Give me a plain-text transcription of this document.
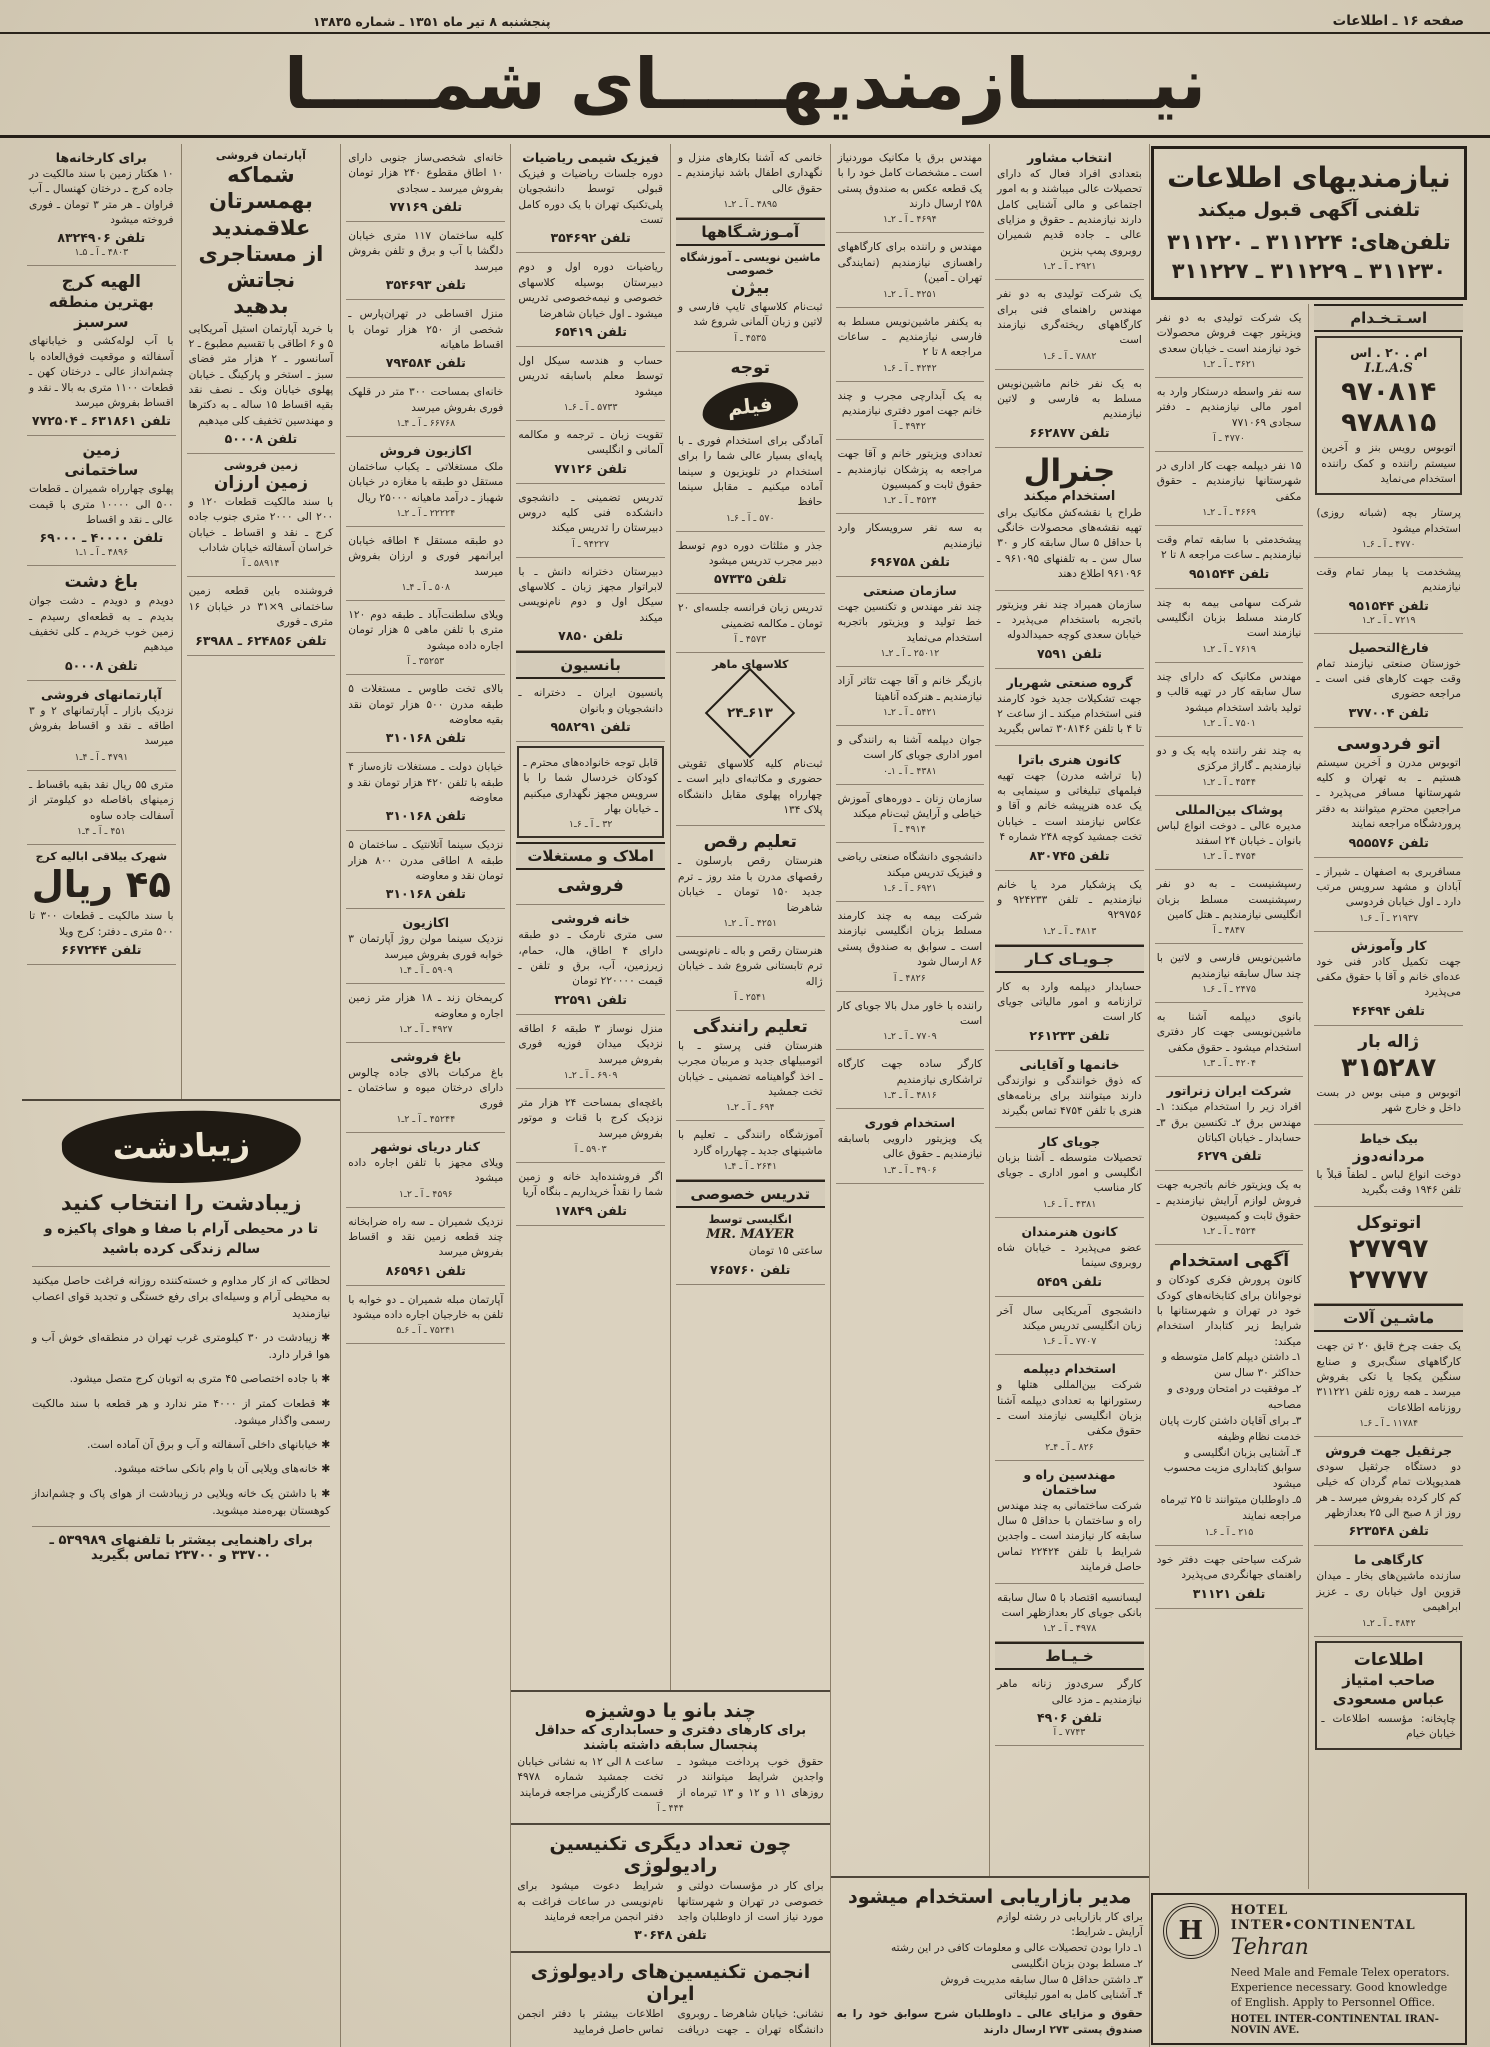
صفحه ۱۶ ـ اطلاعات
پنجشنبه ۸ تیر ماه ۱۳۵۱ ـ شماره ۱۳۸۳۵
نیـــــازمندیهـــــای شمـــــا
نیازمندیهای اطلاعات
تلفنی آگهی قبول میکند
تلفن‌های: ۳۱۱۲۲۴ ـ ۳۱۱۲۲۰
۳۱۱۲۳۰ ـ ۳۱۱۲۲۹ ـ ۳۱۱۲۲۷
اسـتـخـدام
ام . ۲۰ . اس
I.L.A.S
۹۷۰۸۱۴
۹۷۸۸۱۵
اتوبوس رویس بنز و آخرین سیستم راننده و کمک راننده استخدام می‌نماید
پرستار بچه (شبانه روزی) استخدام میشود
۴۷۷۰ ـ آ ـ ۶ـ۱
پیشخدمت یا بیمار تمام وقت نیازمندیم
تلفن ۹۵۱۵۴۴
۷۲۱۹ ـ آ ـ ۲ـ۱
فارغ‌التحصیل
خوزستان صنعتی نیازمند تمام وقت جهت کارهای فنی است ـ مراجعه حضوری
تلفن ۳۷۷۰۰۴
اتو فردوسی
اتوبوس مدرن و آخرین سیستم هستیم ـ به تهران و کلیه شهرستانها مسافر می‌پذیرد ـ مراجعین محترم میتوانند به دفتر پروردشگاه مراجعه نمایند
تلفن ۹۵۵۵۷۶
مسافربری به اصفهان ـ شیراز ـ آبادان و مشهد سرویس مرتب دارد ـ اول خیابان فردوسی
۲۱۹۳۷ ـ آ ـ ۶ـ۱
کار وآموزش
جهت تکمیل کادر فنی خود عده‌ای خانم و آقا با حقوق مکفی می‌پذیرد
تلفن ۴۶۴۹۴
ژاله بار
۳۱۵۲۸۷
اتوبوس و مینی بوس در بست داخل و خارج شهر
بیک خیاط
مردانه‌دوز
دوخت انواع لباس ـ لطفاً قبلاً با تلفن ۱۹۴۶ وقت بگیرید
اتوتوکل
۲۷۷۹۷
۲۷۷۷۷
ماشـین آلات
یک جفت چرخ قایق ۲۰ تن جهت کارگاههای سنگ‌بری و صنایع سنگین یکجا یا تکی بفروش میرسد ـ همه روزه تلفن ۳۱۱۲۲۱ روزنامه اطلاعات
۱۱۷۸۴ ـ آ ـ ۶ـ۱
جرثقیل جهت فروش
دو دستگاه جرثقیل سودی همدیوپلات تمام گردان که خیلی کم کار کرده بفروش میرسد ـ هر روز از ۸ صبح الی ۲۵ بعدازظهر
تلفن ۶۲۳۵۴۸
کارگاهی ما
سازنده ماشین‌های بخار ـ میدان قزوین اول خیابان ری ـ عزیز ابراهیمی
۴۸۴۲ ـ آ ـ ۲ـ۱
اطلاعات
صاحب امتیاز
عباس مسعودی
چاپخانه: مؤسسه اطلاعات ـ خیابان خیام
یک شرکت تولیدی به دو نفر ویزیتور جهت فروش محصولات خود نیازمند است ـ خیابان سعدی
۳۶۲۱ ـ آ ـ ۲ـ۱
سه نفر واسطه درستکار وارد به امور مالی نیازمندیم ـ دفتر سجادی ۷۷۱۰۶۹
۴۷۷۰ ـ آ
۱۵ نفر دیپلمه جهت کار اداری در شهرستانها نیازمندیم ـ حقوق مکفی
۴۶۶۹ ـ آ ـ ۲ـ۱
پیشخدمتی با سابقه تمام وقت نیازمندیم ـ ساعت مراجعه ۸ تا ۲
تلفن ۹۵۱۵۴۴
شرکت سهامی بیمه به چند کارمند مسلط بزبان انگلیسی نیازمند است
۷۶۱۹ ـ آ ـ ۲ـ۱
مهندس مکانیک که دارای چند سال سابقه کار در تهیه قالب و تولید باشد استخدام میشود
۷۵۰۱ ـ آ ـ ۲ـ۱
به چند نفر راننده پایه یک و دو نیازمندیم ـ گاراژ مرکزی
۴۵۴۴ ـ آ ـ ۲ـ۱
پوشاک بین‌المللی
مدیره عالی ـ دوخت انواع لباس بانوان ـ خیابان ۲۴ اسفند
۴۷۵۴ ـ آ ـ ۲ـ۱
رسپشنیست ـ به دو نفر رسپشنیست مسلط بزبان انگلیسی نیازمندیم ـ هتل کامین
۴۸۴۷ ـ آ
ماشین‌نویس فارسی و لاتین با چند سال سابقه نیازمندیم
۲۴۷۵ ـ آ ـ ۶ـ۱
بانوی دیپلمه آشنا به ماشین‌نویسی جهت کار دفتری استخدام میشود ـ حقوق مکفی
۴۲۰۴ ـ آ ـ ۳ـ۱
شرکت ایران زنراتور
افراد زیر را استخدام میکند: ۱ـ مهندس برق ۲ـ تکنسین برق ۳ـ حسابدار ـ خیابان اکباتان
تلفن ۶۲۷۹
به یک ویزیتور خانم باتجربه جهت فروش لوازم آرایش نیازمندیم ـ حقوق ثابت و کمیسیون
۴۵۲۴ ـ آ ـ ۲ـ۱
آگهی استخدام
کانون پرورش فکری کودکان و نوجوانان برای کتابخانه‌های کودک خود در تهران و شهرستانها با شرایط زیر کتابدار استخدام میکند:
۱ـ داشتن دیپلم کامل متوسطه و حداکثر ۳۰ سال سن
۲ـ موفقیت در امتحان ورودی و مصاحبه
۳ـ برای آقایان داشتن کارت پایان خدمت نظام وظیفه
۴ـ آشنایی بزبان انگلیسی و سوابق کتابداری مزیت محسوب میشود
۵ـ داوطلبان میتوانند تا ۲۵ تیرماه مراجعه نمایند
۲۱۵ ـ آ ـ ۶ـ۱
شرکت سیاحتی جهت دفتر خود راهنمای جهانگردی می‌پذیرد
تلفن ۳۱۱۲۱
H
HOTEL INTER•CONTINENTAL
Tehran
Need Male and Female Telex operators. Experience necessary. Good knowledge of English. Apply to Personnel Office.
HOTEL INTER-CONTINENTAL IRAN-NOVIN AVE.
انتخاب مشاور
بتعدادی افراد فعال که دارای تحصیلات عالی میباشند و به امور اجتماعی و مالی آشنایی کامل دارند نیازمندیم ـ حقوق و مزایای عالی ـ جاده قدیم شمیران روبروی پمپ بنزین
۲۹۲۱ ـ آ ـ ۲ـ۱
یک شرکت تولیدی به دو نفر مهندس راهنمای فنی برای کارگاههای ریخته‌گری نیازمند است
۷۸۸۲ ـ آ ـ ۶ـ۱
به یک نفر خانم ماشین‌نویس مسلط به فارسی و لاتین نیازمندیم
تلفن ۶۶۲۸۷۷
جنرال
استخدام میکند
طراح یا نقشه‌کش مکانیک برای تهیه نقشه‌های محصولات خانگی با حداقل ۵ سال سابقه کار و ۳۰ سال سن ـ به تلفنهای ۹۶۱۰۹۵ ـ ۹۶۱۰۹۶ اطلاع دهند
سازمان همیراد چند نفر ویزیتور باتجربه باستخدام می‌پذیرد ـ خیابان سعدی کوچه حمیدالدوله
تلفن ۷۵۹۱
گروه صنعتی شهریار
جهت تشکیلات جدید خود کارمند فنی استخدام میکند ـ از ساعت ۲ تا ۴ با تلفن ۳۰۸۱۴۶ تماس بگیرید
کانون هنری باترا
(با تراشه مدرن) جهت تهیه فیلمهای تبلیغاتی و سینمایی به یک عده هنرپیشه خانم و آقا و عکاس نیازمند است ـ خیابان تخت جمشید کوچه ۲۴۸ شماره ۴
تلفن ۸۳۰۷۴۵
یک پزشکیار مرد یا خانم نیازمندیم ـ تلفن ۹۲۴۲۳۳ و ۹۲۹۷۵۶
۴۸۱۳ ـ آ ـ ۲ـ۱
جـویـای کـار
حسابدار دیپلمه وارد به کار ترازنامه و امور مالیاتی جویای کار است
تلفن ۲۶۱۲۳۳
خانمها و آقایانی
که ذوق خوانندگی و نوازندگی دارند میتوانند برای برنامه‌های هنری با تلفن ۴۷۵۴ تماس بگیرند
جویای کار
تحصیلات متوسطه ـ آشنا بزبان انگلیسی و امور اداری ـ جویای کار مناسب
۴۳۸۱ ـ آ ـ ۶ـ۱
کانون هنرمندان
عضو می‌پذیرد ـ خیابان شاه روبروی سینما
تلفن ۵۴۵۹
دانشجوی آمریکایی سال آخر زبان انگلیسی تدریس میکند
۷۷۰۷ ـ آ ـ ۶ـ۱
استخدام دیپلمه
شرکت بین‌المللی هتلها و رستورانها به تعدادی دیپلمه آشنا بزبان انگلیسی نیازمند است ـ حقوق مکفی
۸۲۶ ـ آ ـ ۴ـ۲
مهندسین راه و ساختمان
شرکت ساختمانی به چند مهندس راه و ساختمان با حداقل ۵ سال سابقه کار نیازمند است ـ واجدین شرایط با تلفن ۲۲۴۲۴ تماس حاصل فرمایند
لیسانسیه اقتصاد با ۵ سال سابقه بانکی جویای کار بعدازظهر است
۴۹۷۸ ـ آ ـ ۲ـ۱
خـیـاط
کارگر سری‌دوز زنانه ماهر نیازمندیم ـ مزد عالی
تلفن ۴۹۰۶
۷۷۴۳ ـ آ
مهندس برق یا مکانیک موردنیاز است ـ مشخصات کامل خود را با یک قطعه عکس به صندوق پستی ۲۵۸ ارسال دارند
۴۶۹۴ ـ آ ـ ۲ـ۱
مهندس و راننده برای کارگاههای راهسازی نیازمندیم (نمایندگی تهران ـ آمین)
۴۲۵۱ ـ آ ـ ۲ـ۱
به یکنفر ماشین‌نویس مسلط به فارسی نیازمندیم ـ ساعات مراجعه ۸ تا ۲
۴۲۴۲ ـ آ ـ ۶ـ۱
به یک آبدارچی مجرب و چند خانم جهت امور دفتری نیازمندیم
۴۹۴۲ ـ آ
تعدادی ویزیتور خانم و آقا جهت مراجعه به پزشکان نیازمندیم ـ حقوق ثابت و کمیسیون
۴۵۲۴ ـ آ ـ ۲ـ۱
به سه نفر سرویسکار وارد نیازمندیم
تلفن ۶۹۶۷۵۸
سازمان صنعتی
چند نفر مهندس و تکنسین جهت خط تولید و ویزیتور باتجربه استخدام می‌نماید
۲۵۰۱۲ ـ آ ـ ۲ـ۱
بازیگر خانم و آقا جهت تئاتر آزاد نیازمندیم ـ هنرکده آناهیتا
۵۴۲۱ ـ آ ـ ۲ـ۱
جوان دیپلمه آشنا به رانندگی و امور اداری جویای کار است
۴۳۸۱ ـ آ ـ ۱ـ۰
سازمان زنان ـ دوره‌های آموزش خیاطی و آرایش ثبت‌نام میکند
۴۹۱۴ ـ آ
دانشجوی دانشگاه صنعتی ریاضی و فیزیک تدریس میکند
۶۹۲۱ ـ آ ـ ۶ـ۱
شرکت بیمه به چند کارمند مسلط بزبان انگلیسی نیازمند است ـ سوابق به صندوق پستی ۸۶ ارسال شود
۴۸۲۶ ـ آ
راننده با خاور مدل بالا جویای کار است
۷۷۰۹ ـ آ ـ ۲ـ۱
کارگر ساده جهت کارگاه تراشکاری نیازمندیم
۴۸۱۶ ـ آ ـ ۳ـ۱
استخدام فوری
یک ویزیتور دارویی باسابقه نیازمندیم ـ حقوق عالی
۴۹۰۶ ـ آ ـ ۳ـ۱
مدیر بازاریابی استخدام میشود
برای کار بازاریابی در رشته لوازم آرایش ـ شرایط:
۱ـ دارا بودن تحصیلات عالی و معلومات کافی در این رشته
۲ـ مسلط بودن بزبان انگلیسی
۳ـ داشتن حداقل ۵ سال سابقه مدیریت فروش
۴ـ آشنایی کامل به امور تبلیغاتی
حقوق و مزایای عالی ـ داوطلبان شرح سوابق خود را به صندوق پستی ۲۷۳ ارسال دارند
خانمی که آشنا بکارهای منزل و نگهداری اطفال باشد نیازمندیم ـ حقوق عالی
۴۸۹۵ ـ آ ـ ۲ـ۱
آمـوزشـگاهها
ماشین نویسی ـ آموزشگاه خصوصی
بیژن
ثبت‌نام کلاسهای تایپ فارسی و لاتین و زبان آلمانی شروع شد
۴۵۳۵ ـ آ
توجه
فیلم
آمادگی برای استخدام فوری ـ با پایه‌ای بسیار عالی شما را برای استخدام در تلویزیون و سینما آماده میکنیم ـ مقابل سینما حافظ
۵۷۰ ـ آ ـ ۶ـ۱
جذر و مثلثات دوره دوم توسط دبیر مجرب تدریس میشود
تلفن ۵۷۳۳۵
تدریس زبان فرانسه جلسه‌ای ۲۰ تومان ـ مکالمه تضمینی
۴۵۷۳ ـ آ
کلاسهای ماهر
۶۱۳ـ۲۴
ثبت‌نام کلیه کلاسهای تقویتی حضوری و مکاتبه‌ای دایر است ـ چهارراه پهلوی مقابل دانشگاه پلاک ۱۳۴
تعلیم رقص
هنرستان رقص بارسلون ـ رقصهای مدرن با متد روز ـ ترم جدید ۱۵۰ تومان ـ خیابان شاهرضا
۴۲۵۱ ـ آ ـ ۲ـ۱
هنرستان رقص و باله ـ نام‌نویسی ترم تابستانی شروع شد ـ خیابان ژاله
۲۵۴۱ ـ آ
تعلیم رانندگی
هنرستان فنی پرستو ـ با اتومبیلهای جدید و مربیان مجرب ـ اخذ گواهینامه تضمینی ـ خیابان تخت جمشید
۶۹۴ ـ آ ـ ۲ـ۱
آموزشگاه رانندگی ـ تعلیم با ماشینهای جدید ـ چهارراه گارد
۲۶۴۱ ـ آ ـ ۴ـ۱
تدریس خصوصی
انگلیسی توسط
MR. MAYER
ساعتی ۱۵ تومان
تلفن ۷۶۵۷۶۰
فیزیک شیمی ریاضیات
دوره جلسات ریاضیات و فیزیک قبولی توسط دانشجویان پلی‌تکنیک تهران با یک دوره کامل تست
تلفن ۳۵۴۶۹۲
ریاضیات دوره اول و دوم دبیرستان بوسیله کلاسهای خصوصی و نیمه‌خصوصی تدریس میشود ـ اول خیابان شاهرضا
تلفن ۶۵۴۱۹
حساب و هندسه سیکل اول توسط معلم باسابقه تدریس میشود
۵۷۳۳ ـ آ ـ ۶ـ۱
تقویت زبان ـ ترجمه و مکالمه آلمانی و انگلیسی
تلفن ۷۷۱۲۶
تدریس تضمینی ـ دانشجوی دانشکده فنی کلیه دروس دبیرستان را تدریس میکند
۹۴۲۲۷ ـ آ
دبیرستان دخترانه دانش ـ با لابراتوار مجهز زبان ـ کلاسهای سیکل اول و دوم نام‌نویسی میکند
تلفن ۷۸۵۰
بانسیون
پانسیون ایران ـ دخترانه ـ دانشجویان و بانوان
تلفن ۹۵۸۲۹۱
قابل توجه خانواده‌های محترم ـ کودکان خردسال شما را با سرویس مجهز نگهداری میکنیم ـ خیابان بهار
۳۲ ـ آ ـ ۶ـ۱
املاک و مستغلات
فروشی
خانه فروشی
سی متری نارمک ـ دو طبقه دارای ۴ اطاق، هال، حمام، زیرزمین، آب، برق و تلفن ـ قیمت ۲۲۰۰۰۰ تومان
تلفن ۳۲۵۹۱
منزل نوساز ۳ طبقه ۶ اطاقه نزدیک میدان فوزیه فوری بفروش میرسد
۶۹۰۹ ـ آ ـ ۲ـ۱
باغچه‌ای بمساحت ۲۴ هزار متر نزدیک کرج با قنات و موتور بفروش میرسد
۵۹۰۳ ـ آ
اگر فروشنده‌اید خانه و زمین شما را نقداً خریداریم ـ بنگاه آریا
تلفن ۱۷۸۴۹
چند بانو یا دوشیزه
برای کارهای دفتری و حسابداری که حداقل پنجسال سابقه داشته باشند
حقوق خوب پرداخت میشود ـ واجدین شرایط میتوانند در روزهای ۱۱ و ۱۲ و ۱۳ تیرماه از ساعت ۸ الی ۱۲ به نشانی خیابان تخت جمشید شماره ۴۹۷۸ قسمت کارگزینی مراجعه فرمایند
۴۴۴ ـ آ
چون تعداد دیگری تکنیسین رادیولوژی
برای کار در مؤسسات دولتی و خصوصی در تهران و شهرستانها مورد نیاز است از داوطلبان واجد شرایط دعوت میشود برای نام‌نویسی در ساعات فراغت به دفتر انجمن مراجعه فرمایند
تلفن ۳۰۶۴۸
انجمن تکنیسین‌های رادیولوژی ایران
نشانی: خیابان شاهرضا ـ روبروی دانشگاه تهران ـ جهت دریافت اطلاعات بیشتر با دفتر انجمن تماس حاصل فرمایید
خانه‌ای شخصی‌ساز جنوبی دارای ۱۰ اطاق مقطوع ۲۴۰ هزار تومان بفروش میرسد ـ سجادی
تلفن ۷۷۱۶۹
کلیه ساختمان ۱۱۷ متری خیابان دلگشا با آب و برق و تلفن بفروش میرسد
تلفن ۳۵۴۶۹۳
منزل اقساطی در تهران‌پارس ـ شخصی از ۲۵۰ هزار تومان با اقساط ماهیانه
تلفن ۷۹۴۵۸۴
خانه‌ای بمساحت ۳۰۰ متر در قلهک فوری بفروش میرسد
۶۶۷۶۸ ـ آ ـ ۴ـ۱
اکازیون فروش
ملک مستغلاتی ـ یکباب ساختمان مستقل دو طبقه با مغازه در خیابان شهباز ـ درآمد ماهیانه ۲۵۰۰۰ ریال
۲۲۲۲۴ ـ آ ـ ۲ـ۱
دو طبقه مستقل ۴ اطاقه خیابان ایرانمهر فوری و ارزان بفروش میرسد
۵۰۸ ـ آ ـ ۴ـ۱
ویلای سلطنت‌آباد ـ طبقه دوم ۱۲۰ متری با تلفن ماهی ۵ هزار تومان اجاره داده میشود
۳۵۲۵۳ ـ آ
بالای تخت طاوس ـ مستغلات ۵ طبقه مدرن ۵۰۰ هزار تومان نقد بقیه معاوضه
تلفن ۳۱۰۱۶۸
خیابان دولت ـ مستغلات تازه‌ساز ۴ طبقه با تلفن ۴۲۰ هزار تومان نقد و معاوضه
تلفن ۳۱۰۱۶۸
نزدیک سینما آتلانتیک ـ ساختمان ۵ طبقه ۸ اطاقی مدرن ۸۰۰ هزار تومان نقد و معاوضه
تلفن ۳۱۰۱۶۸
اکازیون
نزدیک سینما مولن روژ آپارتمان ۳ خوابه فوری بفروش میرسد
۵۹۰۹ ـ آ ـ ۴ـ۱
کریمخان زند ـ ۱۸ هزار متر زمین اجاره و معاوضه
۴۹۲۷ ـ آ ـ ۲ـ۱
باغ فروشی
باغ مرکبات بالای جاده چالوس دارای درختان میوه و ساختمان ـ فوری
۴۵۲۴۴ ـ آ ـ ۲ـ۱
کنار دریای نوشهر
ویلای مجهز با تلفن اجاره داده میشود
۴۵۹۶ ـ آ ـ ۲ـ۱
نزدیک شمیران ـ سه راه ضرابخانه چند قطعه زمین نقد و اقساط بفروش میرسد
تلفن ۸۶۵۹۶۱
آپارتمان مبله شمیران ـ دو خوابه با تلفن به خارجیان اجاره داده میشود
۷۵۲۴۱ ـ آ ـ ۶ـ۵
آپارتمان فروشی
شماکه
بهمسرتان
علاقمندید
از مستاجری
نجاتش
بدهید
با خرید آپارتمان استیل آمریکایی ۵ و ۶ اطاقی با تقسیم مطبوع ـ ۲ آسانسور ـ ۲ هزار متر فضای سبز ـ استخر و پارکینگ ـ خیابان پهلوی خیابان ونک ـ نصف نقد بقیه اقساط ۱۵ ساله ـ به دکترها و مهندسین تخفیف کلی میدهیم
تلفن ۵۰۰۰۸
زمین فروشی
زمین ارزان
با سند مالکیت قطعات ۱۲۰ و ۲۰۰ الی ۲۰۰۰ متری جنوب جاده کرج ـ نقد و اقساط ـ خیابان خراسان آسفالته خیابان شاداب
۵۸۹۱۴ ـ آ
فروشنده باین قطعه زمین ساختمانی ۹×۳۱ در خیابان ۱۶ متری ـ فوری
تلفن ۶۲۴۸۵۶ ـ ۶۳۹۸۸
برای کارخانه‌ها
۱۰ هکتار زمین با سند مالکیت در جاده کرج ـ درختان کهنسال ـ آب فراوان ـ هر متر ۳ تومان ـ فوری فروخته میشود
تلفن ۸۳۲۴۹۰۶
۴۸۰۳ ـ آ ـ ۵ـ۱
الهیه کرج
بهترین منطقه
سرسبز
با آب لوله‌کشی و خیابانهای آسفالته و موقعیت فوق‌العاده با چشم‌انداز عالی ـ درختان کهن ـ قطعات ۱۱۰۰ متری به بالا ـ نقد و اقساط بفروش میرسد
تلفن ۶۳۱۸۶۱ ـ ۷۷۲۵۰۴
زمین
ساختمانی
پهلوی چهارراه شمیران ـ قطعات ۵۰۰ الی ۱۰۰۰۰ متری با قیمت عالی ـ نقد و اقساط
تلفن ۴۰۰۰۰ ـ ۶۹۰۰۰
۴۸۹۶ ـ آ ـ ۱ـ۱
باغ دشت
دویدم و دویدم ـ دشت جوان بدیدم ـ به قطعه‌ای رسیدم ـ زمین خوب خریدم ـ کلی تخفیف میدهیم
تلفن ۵۰۰۰۸
آپارتمانهای فروشی
نزدیک بازار ـ آپارتمانهای ۲ و ۳ اطاقه ـ نقد و اقساط بفروش میرسد
۴۷۹۱ ـ آ ـ ۴ـ۱
متری ۵۵ ریال نقد بقیه باقساط ـ زمینهای بافاصله دو کیلومتر از آسفالت جاده ساوه
۴۵۱ ـ آ ـ ۴ـ۱
شهرک ییلاقی ابالیه کرج
۴۵ ریال
با سند مالکیت ـ قطعات ۳۰۰ تا ۵۰۰ متری ـ دفتر: کرج ویلا
تلفن ۶۶۷۲۴۴
زیبادشت
زیبادشت را انتخاب کنید
تا در محیطی آرام با صفا و هوای پاکیزه و سالم زندگی کرده باشید
لحظاتی که از کار مداوم و خسته‌کننده روزانه فراغت حاصل میکنید به محیطی آرام و وسیله‌ای برای رفع خستگی و تجدید قوای اعصاب نیازمندید
✱ زیبادشت در ۳۰ کیلومتری غرب تهران در منطقه‌ای خوش آب و هوا قرار دارد.
✱ با جاده اختصاصی ۴۵ متری به اتوبان کرج متصل میشود.
✱ قطعات کمتر از ۴۰۰۰ متر ندارد و هر قطعه با سند مالکیت رسمی واگذار میشود.
✱ خیابانهای داخلی آسفالته و آب و برق آن آماده است.
✱ خانه‌های ویلایی آن با وام بانکی ساخته میشود.
✱ با داشتن یک خانه ویلایی در زیبادشت از هوای پاک و چشم‌انداز کوهستان بهره‌مند میشوید.
برای راهنمایی بیشتر با تلفنهای ۵۳۹۹۸۹ ـ ۳۳۷۰۰ و ۲۳۷۰۰ تماس بگیرید
